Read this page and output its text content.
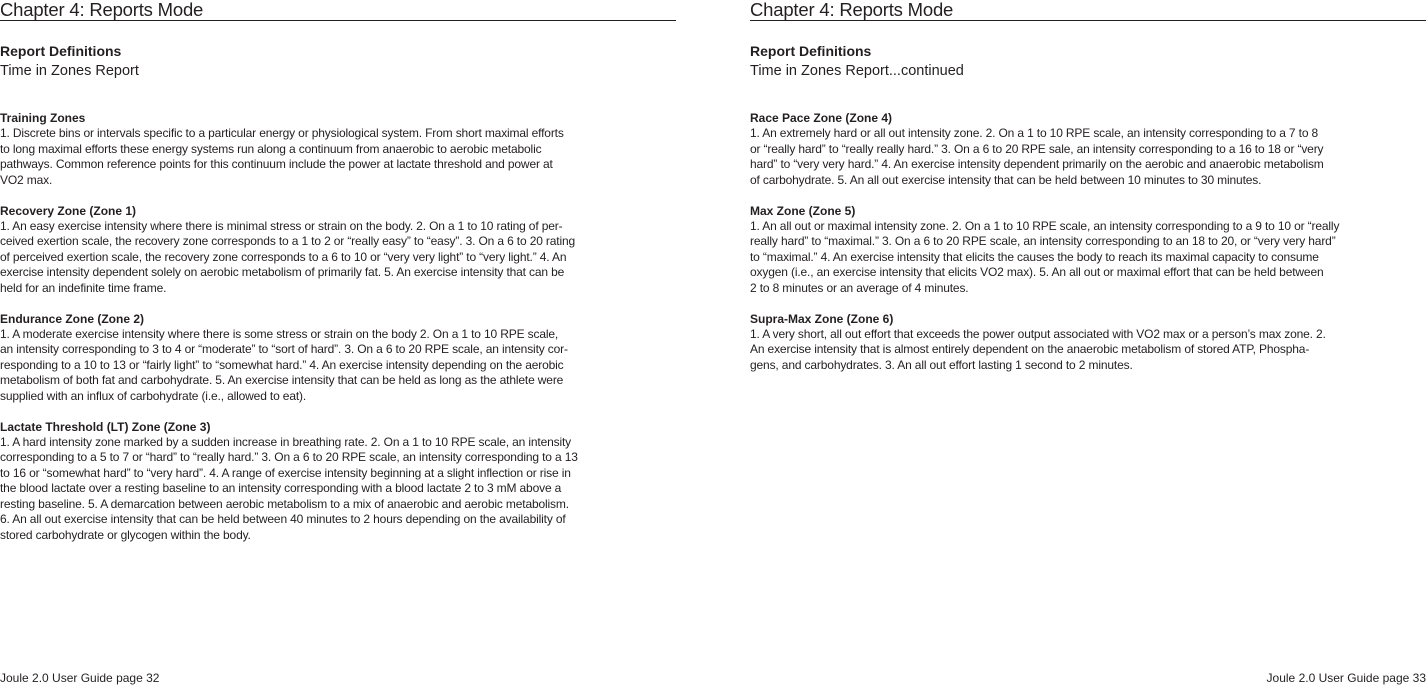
Chapter 4: Reports Mode
Report Definitions
Time in Zones Report
Training Zones
1. Discrete bins or intervals specific to a particular energy or physiological system. From short maximal efforts
to long maximal efforts these energy systems run along a continuum from anaerobic to aerobic metabolic
pathways. Common reference points for this continuum include the power at lactate threshold and power at
VO2 max.
Recovery Zone (Zone 1)
1. An easy exercise intensity where there is minimal stress or strain on the body. 2. On a 1 to 10 rating of per-
ceived exertion scale, the recovery zone corresponds to a 1 to 2 or “really easy” to “easy”. 3. On a 6 to 20 rating
of perceived exertion scale, the recovery zone corresponds to a 6 to 10 or “very very light” to “very light.” 4. An
exercise intensity dependent solely on aerobic metabolism of primarily fat. 5. An exercise intensity that can be
held for an indefinite time frame.
Endurance Zone (Zone 2)
1. A moderate exercise intensity where there is some stress or strain on the body 2. On a 1 to 10 RPE scale,
an intensity corresponding to 3 to 4 or “moderate” to “sort of hard”. 3. On a 6 to 20 RPE scale, an intensity cor-
responding to a 10 to 13 or “fairly light” to “somewhat hard.” 4. An exercise intensity depending on the aerobic
metabolism of both fat and carbohydrate. 5. An exercise intensity that can be held as long as the athlete were
supplied with an influx of carbohydrate (i.e., allowed to eat).
Lactate Threshold (LT) Zone (Zone 3)
1. A hard intensity zone marked by a sudden increase in breathing rate. 2. On a 1 to 10 RPE scale, an intensity
corresponding to a 5 to 7 or “hard” to “really hard.” 3. On a 6 to 20 RPE scale, an intensity corresponding to a 13
to 16 or “somewhat hard” to “very hard”. 4. A range of exercise intensity beginning at a slight inflection or rise in
the blood lactate over a resting baseline to an intensity corresponding with a blood lactate 2 to 3 mM above a
resting baseline. 5. A demarcation between aerobic metabolism to a mix of anaerobic and aerobic metabolism.
6. An all out exercise intensity that can be held between 40 minutes to 2 hours depending on the availability of
stored carbohydrate or glycogen within the body.
Joule 2.0 User Guide page 32
Chapter 4: Reports Mode
Report Definitions
Time in Zones Report...continued
Race Pace Zone (Zone 4)
1. An extremely hard or all out intensity zone. 2. On a 1 to 10 RPE scale, an intensity corresponding to a 7 to 8
or “really hard” to “really really hard.” 3. On a 6 to 20 RPE sale, an intensity corresponding to a 16 to 18 or “very
hard” to “very very hard.” 4. An exercise intensity dependent primarily on the aerobic and anaerobic metabolism
of carbohydrate. 5. An all out exercise intensity that can be held between 10 minutes to 30 minutes.
Max Zone (Zone 5)
1. An all out or maximal intensity zone. 2. On a 1 to 10 RPE scale, an intensity corresponding to a 9 to 10 or “really
really hard” to “maximal.” 3. On a 6 to 20 RPE scale, an intensity corresponding to an 18 to 20, or “very very hard”
to “maximal.” 4. An exercise intensity that elicits the causes the body to reach its maximal capacity to consume
oxygen (i.e., an exercise intensity that elicits VO2 max). 5. An all out or maximal effort that can be held between
2 to 8 minutes or an average of 4 minutes.
Supra-Max Zone (Zone 6)
1. A very short, all out effort that exceeds the power output associated with VO2 max or a person’s max zone. 2.
An exercise intensity that is almost entirely dependent on the anaerobic metabolism of stored ATP, Phospha-
gens, and carbohydrates. 3. An all out effort lasting 1 second to 2 minutes.
Joule 2.0 User Guide page 33
